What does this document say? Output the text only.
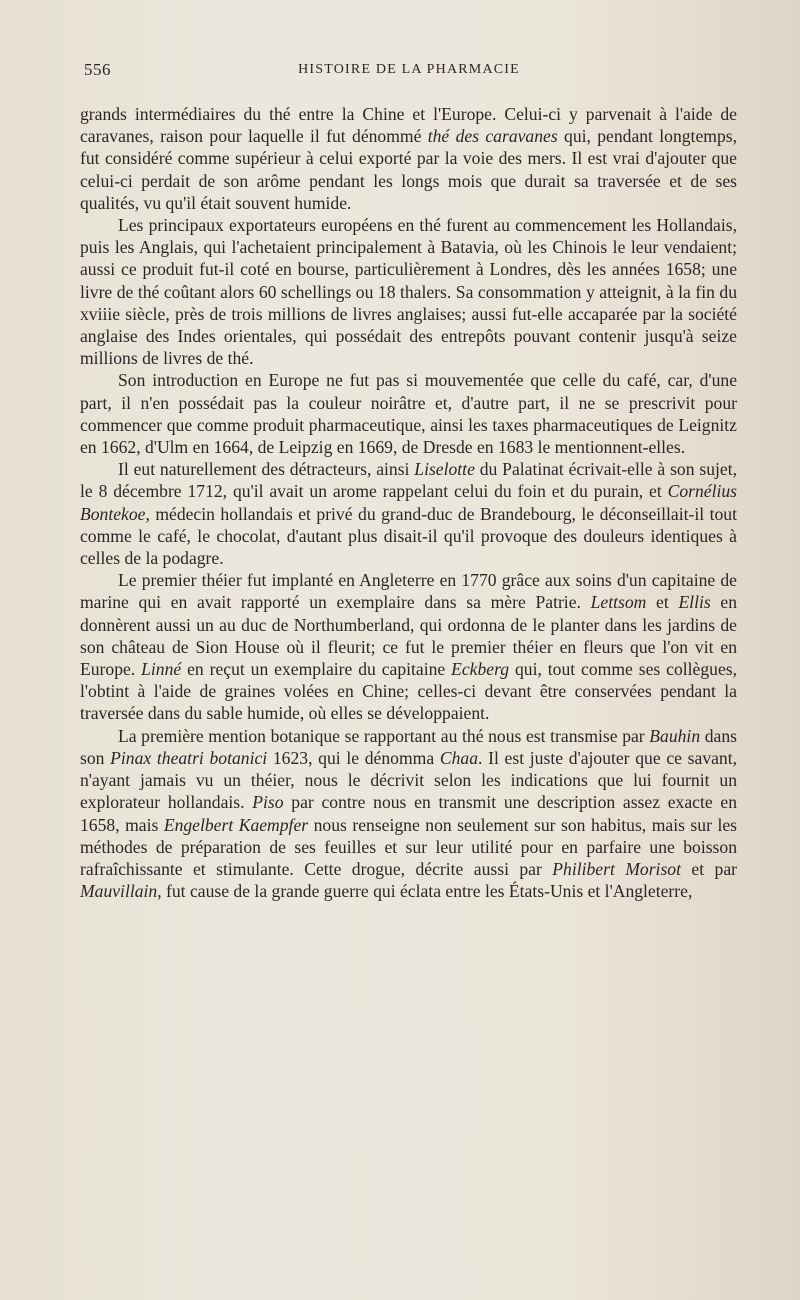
556	HISTOIRE DE LA PHARMACIE

grands intermédiaires du thé entre la Chine et l'Europe. Celui-ci y parvenait à l'aide de caravanes, raison pour laquelle il fut dénommé thé des caravanes qui, pendant longtemps, fut considéré comme supérieur à celui exporté par la voie des mers. Il est vrai d'ajouter que celui-ci perdait de son arôme pendant les longs mois que durait sa traversée et de ses qualités, vu qu'il était souvent humide.

Les principaux exportateurs européens en thé furent au commencement les Hollandais, puis les Anglais, qui l'achetaient principalement à Batavia, où les Chinois le leur vendaient; aussi ce produit fut-il coté en bourse, particulièrement à Londres, dès les années 1658; une livre de thé coûtant alors 60 schellings ou 18 thalers. Sa consommation y atteignit, à la fin du xviiie siècle, près de trois millions de livres anglaises; aussi fut-elle accaparée par la société anglaise des Indes orientales, qui possédait des entrepôts pouvant contenir jusqu'à seize millions de livres de thé.

Son introduction en Europe ne fut pas si mouvementée que celle du café, car, d'une part, il n'en possédait pas la couleur noirâtre et, d'autre part, il ne se prescrivit pour commencer que comme produit pharmaceutique, ainsi les taxes pharmaceutiques de Leignitz en 1662, d'Ulm en 1664, de Leipzig en 1669, de Dresde en 1683 le mentionnent-elles.

Il eut naturellement des détracteurs, ainsi Liselotte du Palatinat écrivait-elle à son sujet, le 8 décembre 1712, qu'il avait un arome rappelant celui du foin et du purain, et Cornélius Bontekoe, médecin hollandais et privé du grand-duc de Brandebourg, le déconseillait-il tout comme le café, le chocolat, d'autant plus disait-il qu'il provoque des douleurs identiques à celles de la podagre.

Le premier théier fut implanté en Angleterre en 1770 grâce aux soins d'un capitaine de marine qui en avait rapporté un exemplaire dans sa mère Patrie. Lettsom et Ellis en donnèrent aussi un au duc de Northumberland, qui ordonna de le planter dans les jardins de son château de Sion House où il fleurit; ce fut le premier théier en fleurs que l'on vit en Europe. Linné en reçut un exemplaire du capitaine Eckberg qui, tout comme ses collègues, l'obtint à l'aide de graines volées en Chine; celles-ci devant être conservées pendant la traversée dans du sable humide, où elles se développaient.

La première mention botanique se rapportant au thé nous est transmise par Bauhin dans son Pinax theatri botanici 1623, qui le dénomma Chaa. Il est juste d'ajouter que ce savant, n'ayant jamais vu un théier, nous le décrivit selon les indications que lui fournit un explorateur hollandais. Piso par contre nous en transmit une description assez exacte en 1658, mais Engelbert Kaempfer nous renseigne non seulement sur son habitus, mais sur les méthodes de préparation de ses feuilles et sur leur utilité pour en parfaire une boisson rafraîchissante et stimulante. Cette drogue, décrite aussi par Philibert Morisot et par Mauvillain, fut cause de la grande guerre qui éclata entre les États-Unis et l'Angleterre,
